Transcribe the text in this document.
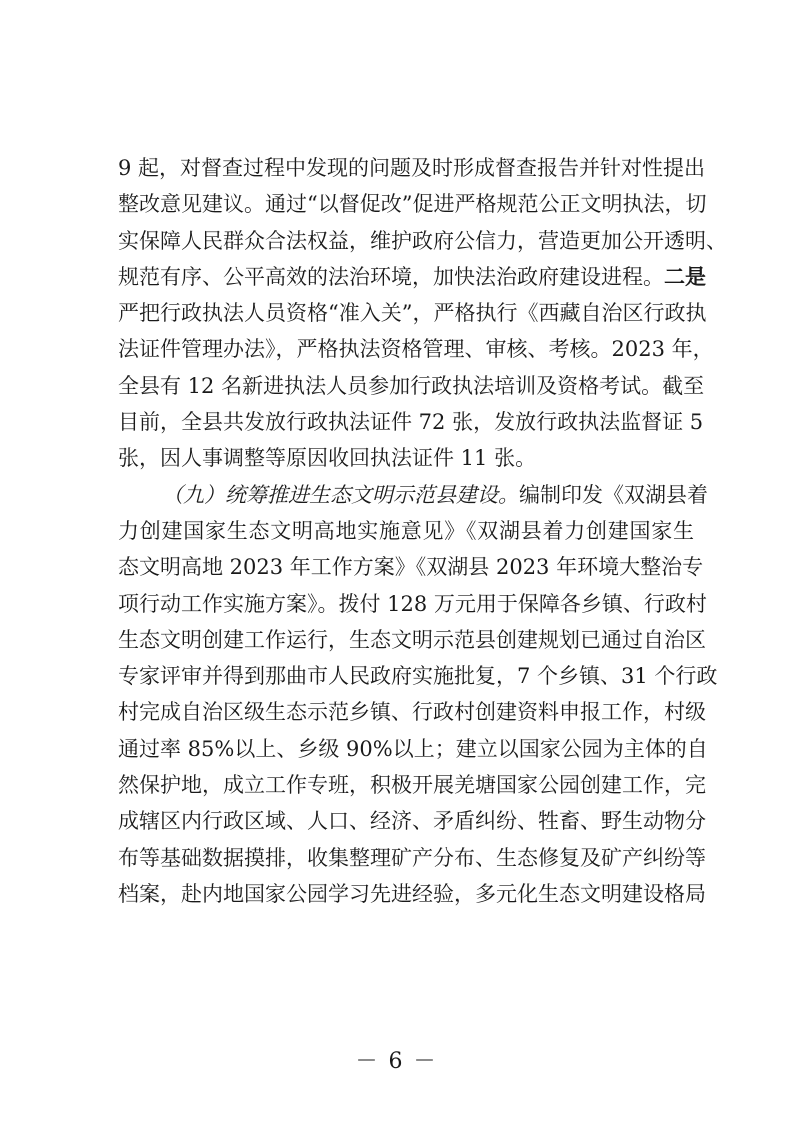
9 起，对督查过程中发现的问题及时形成督查报告并针对性提出
整改意见建议。通过“以督促改”促进严格规范公正文明执法，切
实保障人民群众合法权益，维护政府公信力，营造更加公开透明、
规范有序、公平高效的法治环境，加快法治政府建设进程。二是
严把行政执法人员资格“准入关”，严格执行《西藏自治区行政执
法证件管理办法》，严格执法资格管理、审核、考核。2023 年，
全县有 12 名新进执法人员参加行政执法培训及资格考试。截至
目前，全县共发放行政执法证件 72 张，发放行政执法监督证 5
张，因人事调整等原因收回执法证件 11 张。
（九）统筹推进生态文明示范县建设。编制印发《双湖县着
力创建国家生态文明高地实施意见》《双湖县着力创建国家生
态文明高地 2023 年工作方案》《双湖县 2023 年环境大整治专
项行动工作实施方案》。拨付 128 万元用于保障各乡镇、行政村
生态文明创建工作运行，生态文明示范县创建规划已通过自治区
专家评审并得到那曲市人民政府实施批复，7 个乡镇、31 个行政
村完成自治区级生态示范乡镇、行政村创建资料申报工作，村级
通过率 85%以上、乡级 90%以上；建立以国家公园为主体的自
然保护地，成立工作专班，积极开展羌塘国家公园创建工作，完
成辖区内行政区域、人口、经济、矛盾纠纷、牲畜、野生动物分
布等基础数据摸排，收集整理矿产分布、生态修复及矿产纠纷等
档案，赴内地国家公园学习先进经验，多元化生态文明建设格局
－ 6 －
